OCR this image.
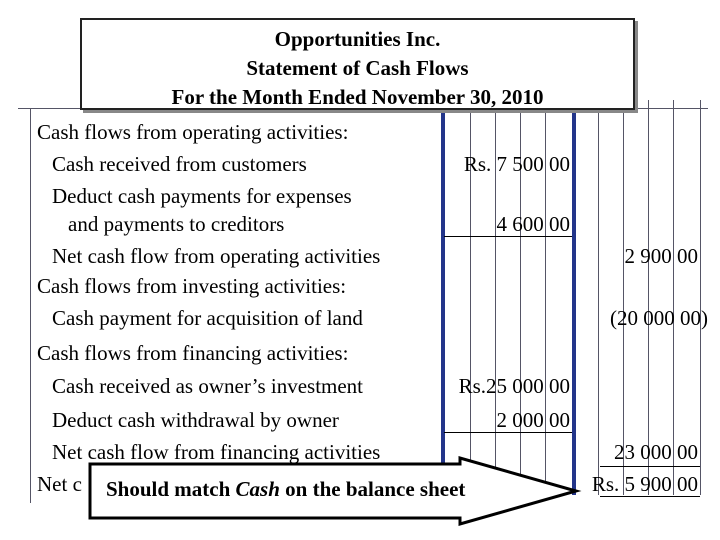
Opportunities Inc.
Statement of Cash Flows
For the Month Ended November 30, 2010
Cash flows from operating activities:
Cash received from customers	Rs. 7 500 00
Deduct cash payments for expenses
and payments to creditors	4 600 00
Net cash flow from operating activities	2 900 00
Cash flows from investing activities:
Cash payment for acquisition of land	(20 000 00)
Cash flows from financing activities:
Cash received as owner’s investment	Rs.25 000 00
Deduct cash withdrawal by owner	2 000 00
Net cash flow from financing activities	23 000 00
Net c	Rs. 5 900 00
Should match Cash on the balance sheet
